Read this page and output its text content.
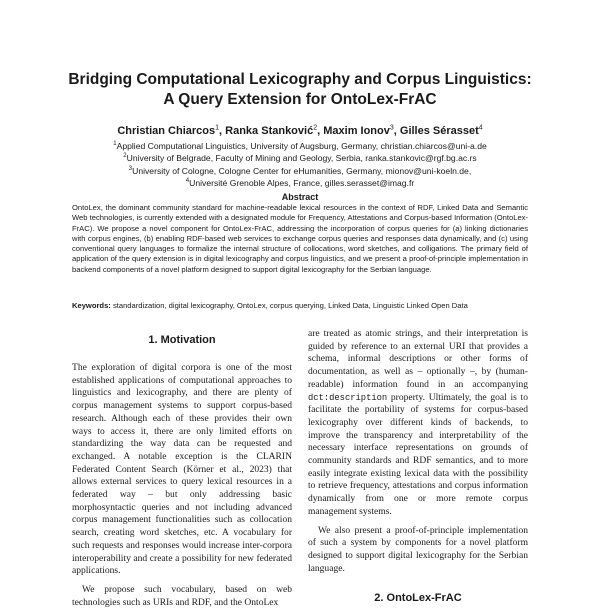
Bridging Computational Lexicography and Corpus Linguistics:
A Query Extension for OntoLex-FrAC
Christian Chiarcos$^1$, Ranka Stanković$^2$, Maxim Ionov$^3$, Gilles Sérasset$^4$
$^1$Applied Computational Linguistics, University of Augsburg, Germany, christian.chiarcos@uni-a.de
$^2$University of Belgrade, Faculty of Mining and Geology, Serbia, ranka.stankovic@rgf.bg.ac.rs
$^3$University of Cologne, Cologne Center for eHumanities, Germany, mionov@uni-koeln.de,
$^4$Université Grenoble Alpes, France, gilles.serasset@imag.fr
Abstract
OntoLex, the dominant community standard for machine-readable lexical resources in the context of RDF, Linked Data and Semantic Web technologies, is currently extended with a designated module for Frequency, Attestations and Corpus-based Information (OntoLex-FrAC). We propose a novel component for OntoLex-FrAC, addressing the incorporation of corpus queries for (a) linking dictionaries with corpus engines, (b) enabling RDF-based web services to exchange corpus queries and responses data dynamically, and (c) using conventional query languages to formalize the internal structure of collocations, word sketches, and colligations. The primary field of application of the query extension is in digital lexicography and corpus linguistics, and we present a proof-of-principle implementation in backend components of a novel platform designed to support digital lexicography for the Serbian language.
Keywords: standardization, digital lexicography, OntoLex, corpus querying, Linked Data, Linguistic Linked Open Data
1. Motivation

The exploration of digital corpora is one of the most established applications of computational approaches to linguistics and lexicography, and there are plenty of corpus management systems to support corpus-based research. Although each of these provides their own ways to access it, there are only limited efforts on standardizing the way data can be requested and exchanged. A notable exception is the CLARIN Federated Content Search (Körner et al., 2023) that allows external services to query lexical resources in a federated way – but only addressing basic morphosyntactic queries and not including advanced corpus management functionalities such as collocation search, creating word sketches, etc. A vocabulary for such requests and responses would increase inter-corpora interoperability and create a possibility for new federated applications.

We propose such vocabulary, based on web technologies such as URIs and RDF, and the OntoLex

are treated as atomic strings, and their interpretation is guided by reference to an external URI that provides a schema, informal descriptions or other forms of documentation, as well as – optionally –, by (human-readable) information found in an accompanying dct:description property. Ultimately, the goal is to facilitate the portability of systems for corpus-based lexicography over different kinds of backends, to improve the transparency and interpretability of the necessary interface representations on grounds of community standards and RDF semantics, and to more easily integrate existing lexical data with the possibility to retrieve frequency, attestations and corpus information dynamically from one or more remote corpus management systems.

We also present a proof-of-principle implementation of such a system by components for a novel platform designed to support digital lexicography for the Serbian language.

2. OntoLex-FrAC
